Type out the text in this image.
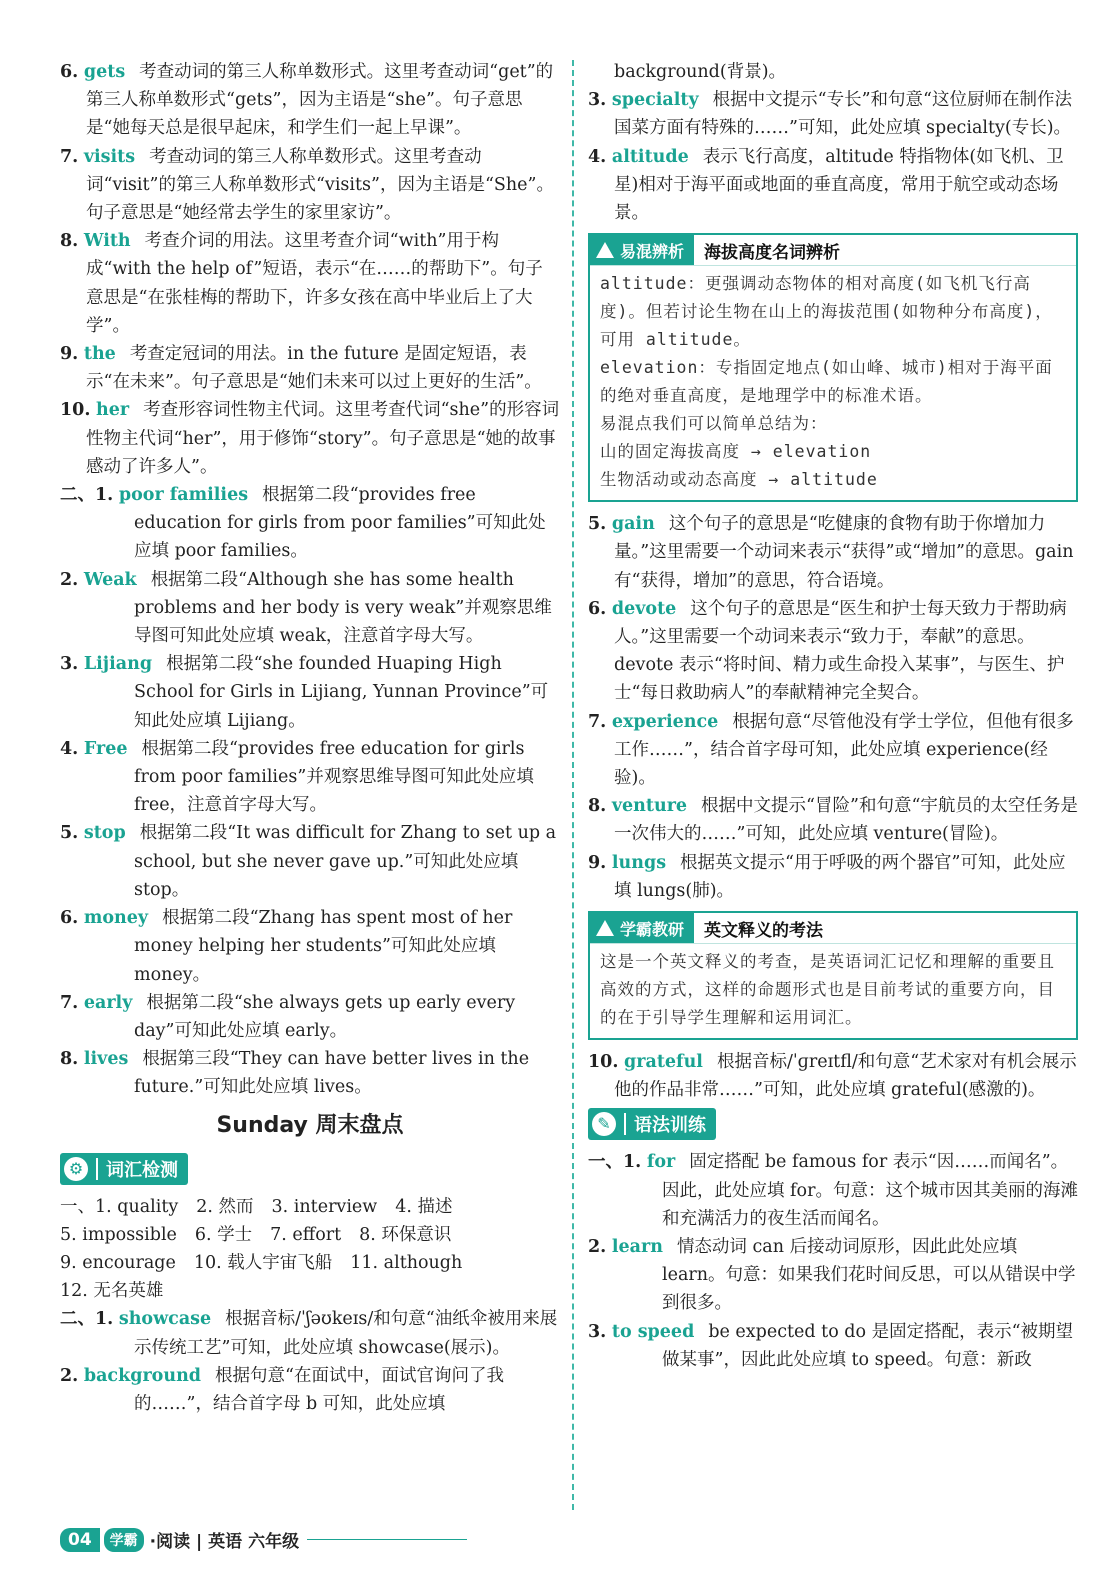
6. gets 考查动词的第三人称单数形式。这里考查动词“get”的第三人称单数形式“gets”，因为主语是“she”。句子意思是“她每天总是很早起床，和学生们一起上早课”。

7. visits 考查动词的第三人称单数形式。这里考查动词“visit”的第三人称单数形式“visits”，因为主语是“She”。句子意思是“她经常去学生的家里家访”。

8. With 考查介词的用法。这里考查介词“with”用于构成“with the help of”短语，表示“在……的帮助下”。句子意思是“在张桂梅的帮助下，许多女孩在高中毕业后上了大学”。

9. the 考查定冠词的用法。in the future 是固定短语，表示“在未来”。句子意思是“她们未来可以过上更好的生活”。

10. her 考查形容词性物主代词。这里考查代词“she”的形容词性物主代词“her”，用于修饰“story”。句子意思是“她的故事感动了许多人”。

二、1. poor families 根据第二段“provides free education for girls from poor families”可知此处应填 poor families。

2. Weak 根据第二段“Although she has some health problems and her body is very weak”并观察思维导图可知此处应填 weak，注意首字母大写。

3. Lijiang 根据第二段“she founded Huaping High School for Girls in Lijiang, Yunnan Province”可知此处应填 Lijiang。

4. Free 根据第二段“provides free education for girls from poor families”并观察思维导图可知此处应填 free，注意首字母大写。

5. stop 根据第二段“It was difficult for Zhang to set up a school, but she never gave up.”可知此处应填 stop。

6. money 根据第二段“Zhang has spent most of her money helping her students”可知此处应填 money。

7. early 根据第二段“she always gets up early every day”可知此处应填 early。

8. lives 根据第三段“They can have better lives in the future.”可知此处应填 lives。

Sunday 周末盘点
⚙ 词汇检测

一、1. quality 2. 然而 3. interview 4. 描述

5. impossible 6. 学士 7. effort 8. 环保意识

9. encourage 10. 载人宇宙飞船 11. although

12. 无名英雄

二、1. showcase 根据音标/ˈʃəʊkeɪs/和句意“油纸伞被用来展示传统工艺”可知，此处应填 showcase(展示)。

2. background 根据句意“在面试中，面试官询问了我的……”，结合首字母 b 可知，此处应填

background(背景)。

3. specialty 根据中文提示“专长”和句意“这位厨师在制作法国菜方面有特殊的……”可知，此处应填 specialty(专长)。

4. altitude 表示飞行高度，altitude 特指物体(如飞机、卫星)相对于海平面或地面的垂直高度，常用于航空或动态场景。

易混辨析 海拔高度名词辨析
altitude：更强调动态物体的相对高度(如飞机飞行高度)。但若讨论生物在山上的海拔范围(如物种分布高度)，可用 altitude。
elevation：专指固定地点(如山峰、城市)相对于海平面的绝对垂直高度，是地理学中的标准术语。
易混点我们可以简单总结为：
山的固定海拔高度 → elevation
生物活动或动态高度 → altitude

5. gain 这个句子的意思是“吃健康的食物有助于你增加力量。”这里需要一个动词来表示“获得”或“增加”的意思。gain 有“获得，增加”的意思，符合语境。

6. devote 这个句子的意思是“医生和护士每天致力于帮助病人。”这里需要一个动词来表示“致力于，奉献”的意思。devote 表示“将时间、精力或生命投入某事”，与医生、护士“每日救助病人”的奉献精神完全契合。

7. experience 根据句意“尽管他没有学士学位，但他有很多工作……”，结合首字母可知，此处应填 experience(经验)。

8. venture 根据中文提示“冒险”和句意“宇航员的太空任务是一次伟大的……”可知，此处应填 venture(冒险)。

9. lungs 根据英文提示“用于呼吸的两个器官”可知，此处应填 lungs(肺)。

学霸教研 英文释义的考法
这是一个英文释义的考查，是英语词汇记忆和理解的重要且高效的方式，这样的命题形式也是目前考试的重要方向，目的在于引导学生理解和运用词汇。

10. grateful 根据音标/ˈɡreɪtfl/和句意“艺术家对有机会展示他的作品非常……”可知，此处应填 grateful(感激的)。

✎ 语法训练

一、1. for 固定搭配 be famous for 表示“因……而闻名”。因此，此处应填 for。句意：这个城市因其美丽的海滩和充满活力的夜生活而闻名。

2. learn 情态动词 can 后接动词原形，因此此处应填 learn。句意：如果我们花时间反思，可以从错误中学到很多。

3. to speed be expected to do 是固定搭配，表示“被期望做某事”，因此此处应填 to speed。句意：新政

04	学霸 ·阅读 | 英语 六年级
